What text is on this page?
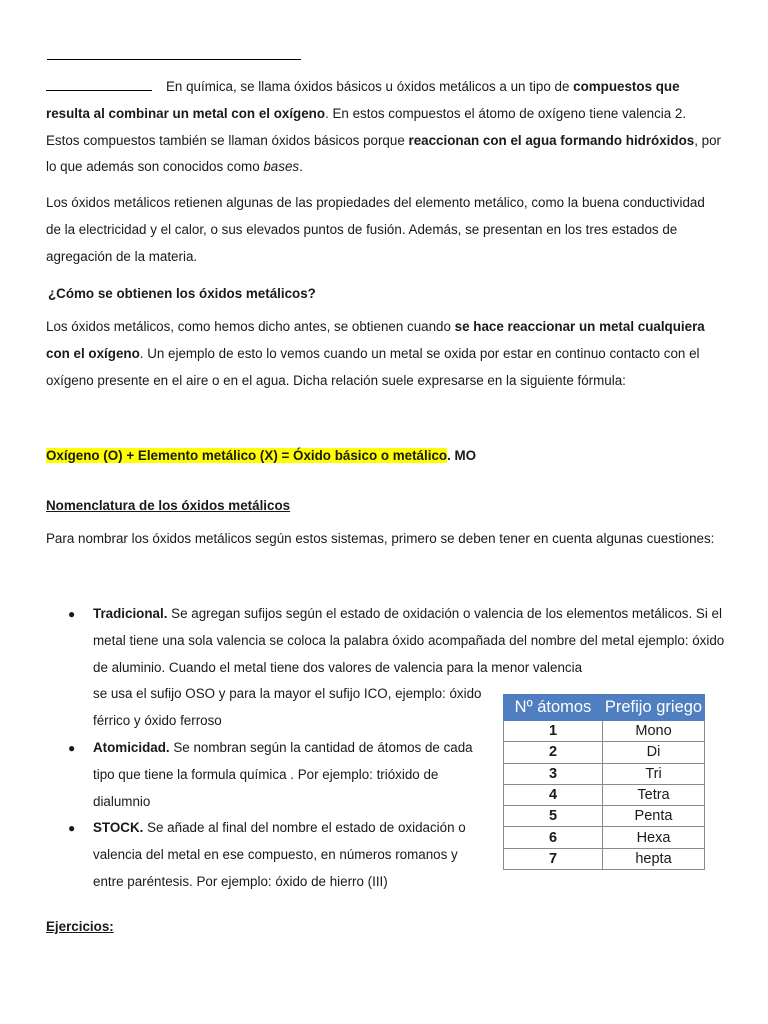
En química, se llama óxidos básicos u óxidos metálicos a un tipo de compuestos que resulta al combinar un metal con el oxígeno. En estos compuestos el átomo de oxígeno tiene valencia 2. Estos compuestos también se llaman óxidos básicos porque reaccionan con el agua formando hidróxidos, por lo que además son conocidos como bases.

Los óxidos metálicos retienen algunas de las propiedades del elemento metálico, como la buena conductividad de la electricidad y el calor, o sus elevados puntos de fusión. Además, se presentan en los tres estados de agregación de la materia.

¿Cómo se obtienen los óxidos metálicos?

Los óxidos metálicos, como hemos dicho antes, se obtienen cuando se hace reaccionar un metal cualquiera con el oxígeno. Un ejemplo de esto lo vemos cuando un metal se oxida por estar en continuo contacto con el oxígeno presente en el aire o en el agua. Dicha relación suele expresarse en la siguiente fórmula:

Oxígeno (O) + Elemento metálico (X) = Óxido básico o metálico. MO

Nomenclatura de los óxidos metálicos

Para nombrar los óxidos metálicos según estos sistemas, primero se deben tener en cuenta algunas cuestiones:

● Tradicional. Se agregan sufijos según el estado de oxidación o valencia de los elementos metálicos. Si el metal tiene una sola valencia se coloca la palabra óxido acompañada del nombre del metal ejemplo: óxido de aluminio. Cuando el metal tiene dos valores de valencia para la menor valencia
se usa el sufijo OSO y para la mayor el sufijo ICO, ejemplo: óxido férrico y óxido ferroso
● Atomicidad. Se nombran según la cantidad de átomos de cada tipo que tiene la formula química . Por ejemplo: trióxido de dialumnio
● STOCK. Se añade al final del nombre el estado de oxidación o valencia del metal en ese compuesto, en números romanos y entre paréntesis. Por ejemplo: óxido de hierro (III)
Nº átomos	Prefijo griego
1	Mono
2	Di
3	Tri
4	Tetra
5	Penta
6	Hexa
7	hepta

Ejercicios:
